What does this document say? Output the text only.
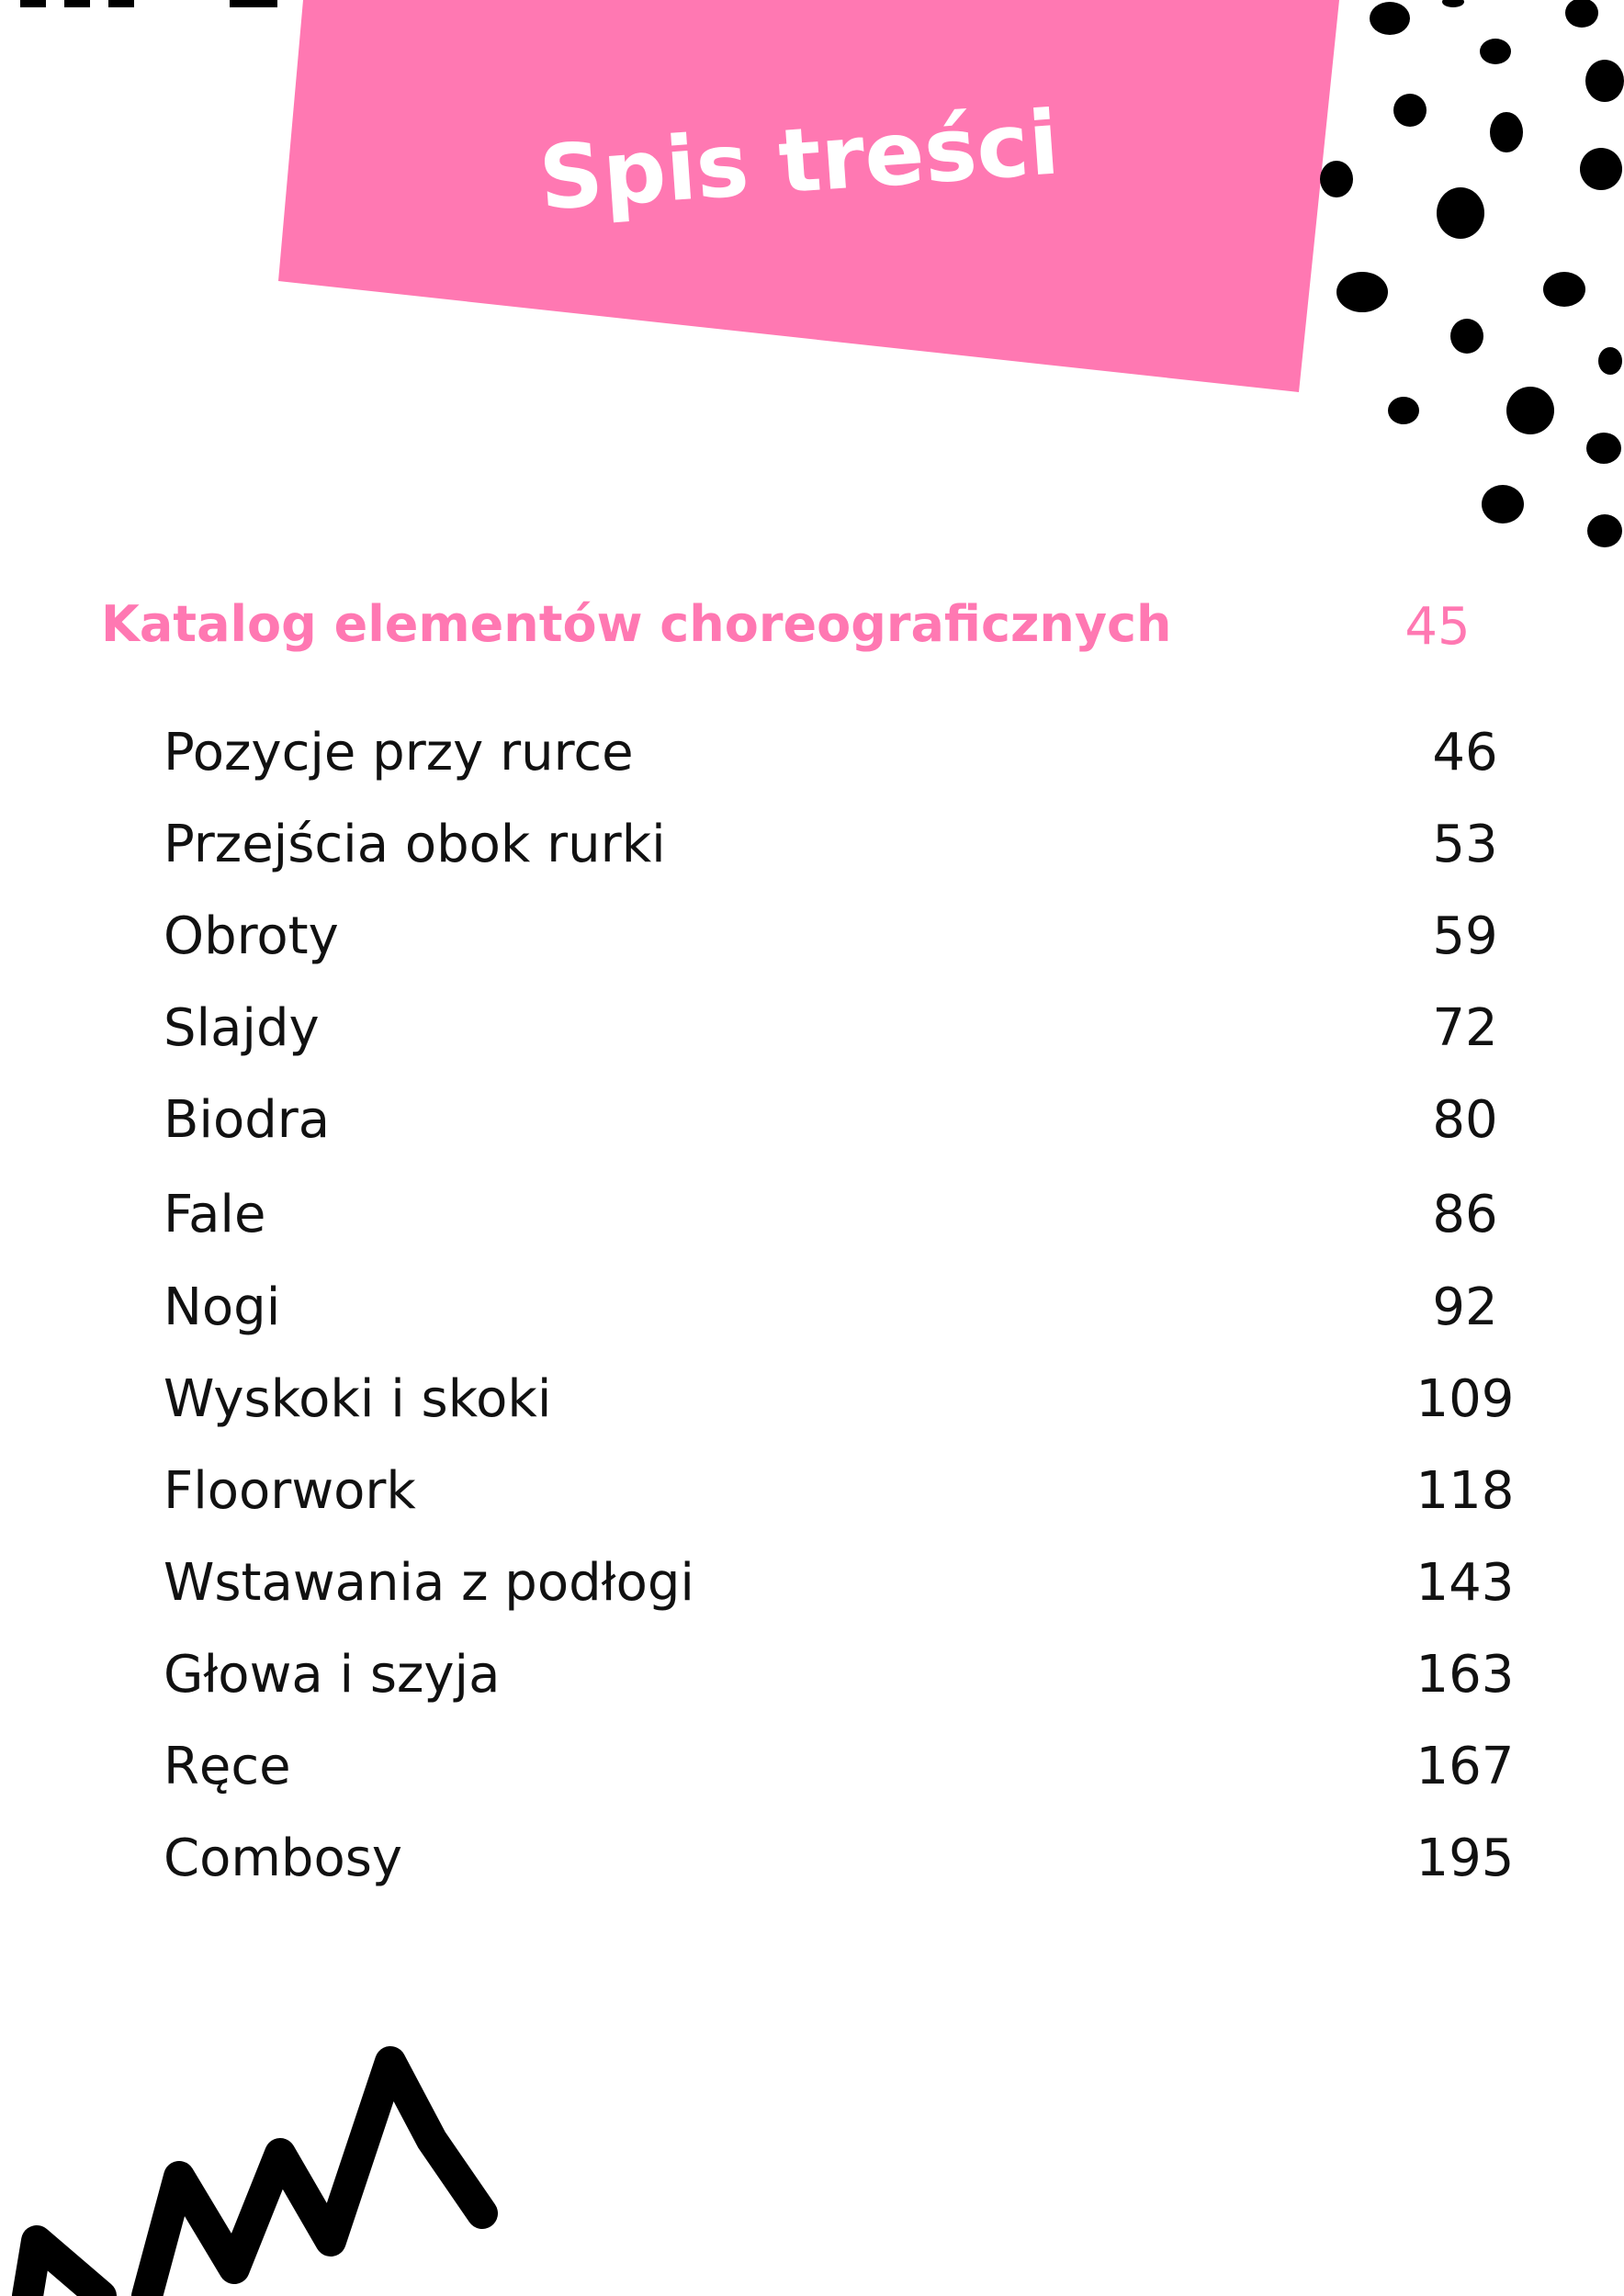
Spis treści
Katalog elementów choreograficznych	45
Pozycje przy rurce	46
Przejścia obok rurki	53
Obroty	59
Slajdy	72
Biodra	80
Fale	86
Nogi	92
Wyskoki i skoki	109
Floorwork	118
Wstawania z podłogi	143
Głowa i szyja	163
Ręce	167
Combosy	195
